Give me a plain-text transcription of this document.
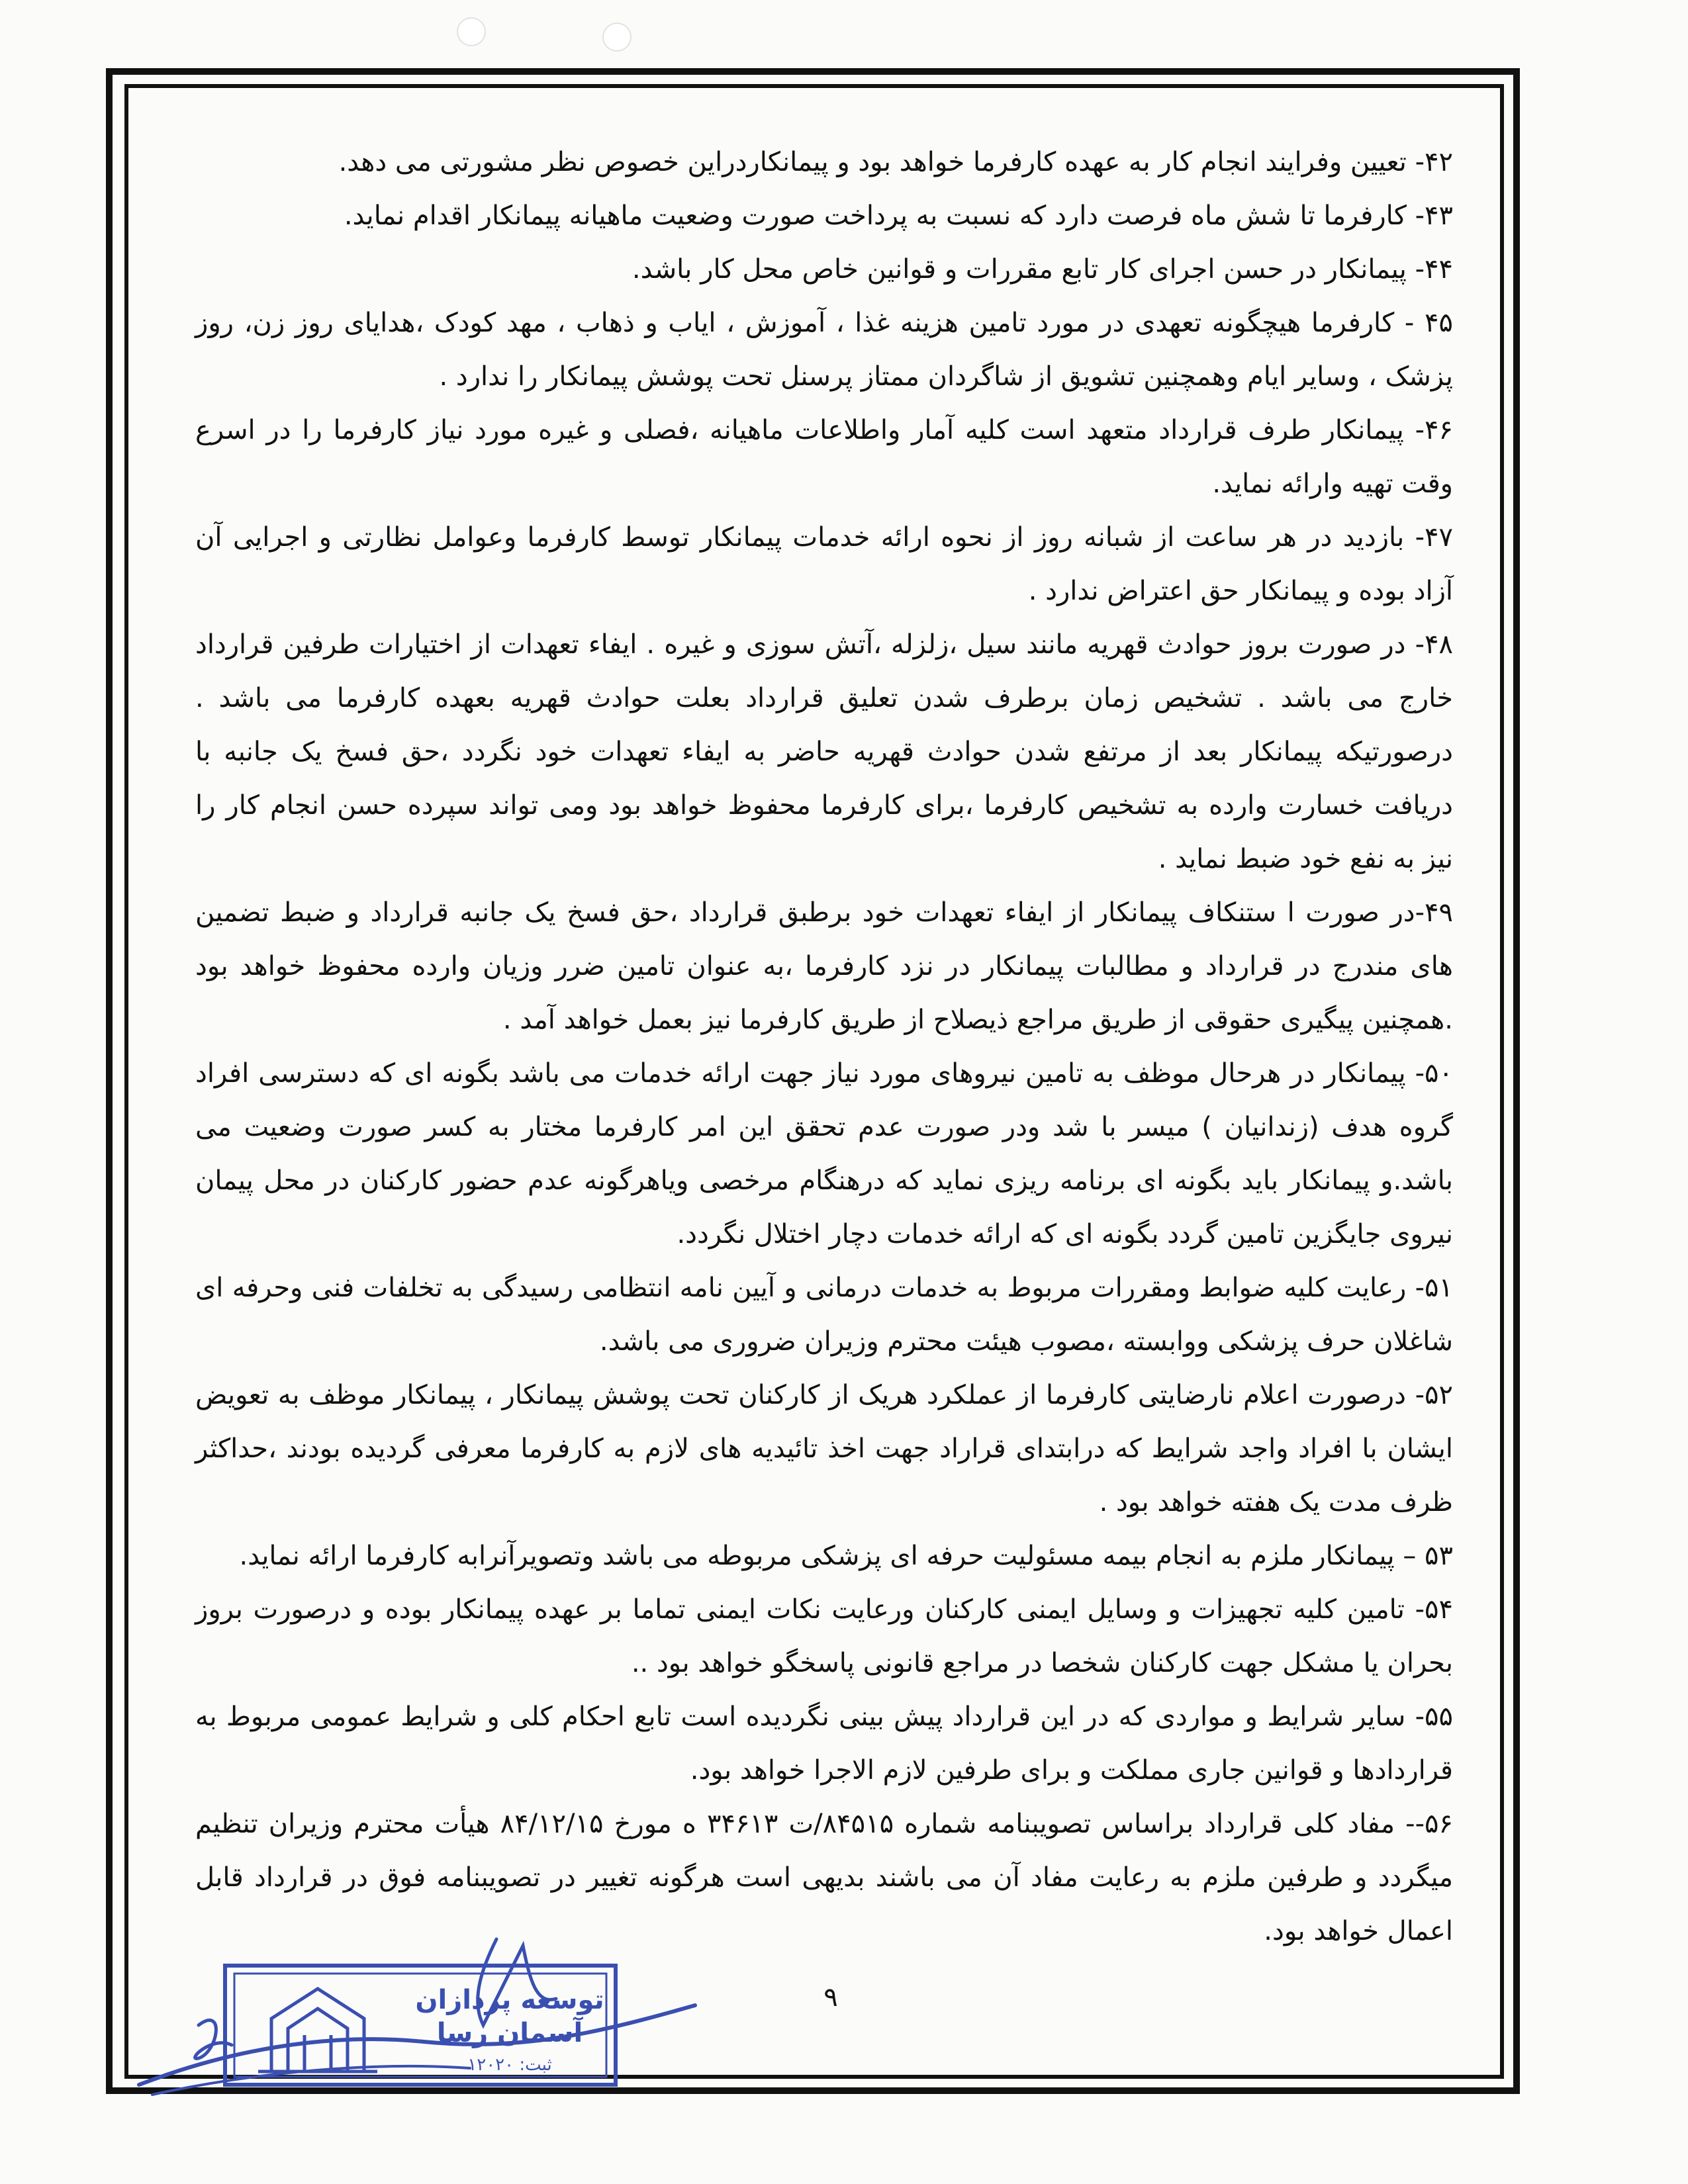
۴۲- تعیین وفرایند انجام کار به عهده کارفرما خواهد بود و پیمانکاردراین خصوص نظر مشورتی می دهد.

۴۳- کارفرما تا شش ماه فرصت دارد که نسبت به پرداخت صورت وضعیت ماهیانه پیمانکار اقدام نماید.

۴۴- پیمانکار در حسن اجرای کار تابع مقررات و قوانین خاص محل کار باشد.

۴۵ - کارفرما هیچگونه تعهدی در مورد تامین هزینه غذا ، آموزش ، ایاب و ذهاب ، مهد کودک ،هدایای روز زن، روز پزشک ، وسایر ایام وهمچنین تشویق از شاگردان ممتاز پرسنل تحت پوشش پیمانکار را ندارد .

۴۶- پیمانکار طرف قرارداد متعهد است کلیه آمار واطلاعات ماهیانه ،فصلی و غیره مورد نیاز کارفرما را در اسرع وقت تهیه وارائه نماید.

۴۷- بازدید در هر ساعت از شبانه روز از نحوه ارائه خدمات پیمانکار توسط کارفرما وعوامل نظارتی و اجرایی آن آزاد بوده و پیمانکار حق اعتراض ندارد .

۴۸- در صورت بروز حوادث قهریه مانند سیل ،زلزله ،آتش سوزی و غیره . ایفاء تعهدات از اختیارات طرفین قرارداد خارج می باشد . تشخیص زمان برطرف شدن تعلیق قرارداد بعلت حوادث قهریه بعهده کارفرما می باشد . درصورتیکه پیمانکار بعد از مرتفع شدن حوادث قهریه حاضر به ایفاء تعهدات خود نگردد ،حق فسخ یک جانبه با دریافت خسارت وارده به تشخیص کارفرما ،برای کارفرما محفوظ خواهد بود ومی تواند سپرده حسن انجام کار را نیز به نفع خود ضبط نماید .

۴۹-در صورت ا ستنکاف پیمانکار از ایفاء تعهدات خود برطبق قرارداد ،حق فسخ یک جانبه قرارداد و ضبط تضمین های مندرج در قرارداد و مطالبات پیمانکار در نزد کارفرما ،به عنوان تامین ضرر وزیان وارده محفوظ خواهد بود .همچنین پیگیری حقوقی از طریق مراجع ذیصلاح از طریق کارفرما نیز بعمل خواهد آمد .

۵۰- پیمانکار در هرحال موظف به تامین نیروهای مورد نیاز جهت ارائه خدمات می باشد بگونه ای که دسترسی افراد گروه هدف (زندانیان ) میسر با شد ودر صورت عدم تحقق این امر کارفرما مختار به کسر صورت وضعیت می باشد.و پیمانکار باید بگونه ای برنامه ریزی نماید که درهنگام مرخصی ویاهرگونه عدم حضور کارکنان در محل پیمان نیروی جایگزین تامین گردد بگونه ای که ارائه خدمات دچار اختلال نگردد.

۵۱- رعایت کلیه ضوابط ومقررات مربوط به خدمات درمانی و آیین نامه انتظامی رسیدگی به تخلفات فنی وحرفه ای شاغلان حرف پزشکی ووابسته ،مصوب هیئت محترم وزیران ضروری می باشد.

۵۲- درصورت اعلام نارضایتی کارفرما از عملکرد هریک از کارکنان تحت پوشش پیمانکار ، پیمانکار موظف به تعویض ایشان با افراد واجد شرایط که درابتدای قراراد جهت اخذ تائیدیه های لازم به کارفرما معرفی گردیده بودند ،حداکثر ظرف مدت یک هفته خواهد بود .

۵۳ – پیمانکار ملزم به انجام بیمه مسئولیت حرفه ای پزشکی مربوطه می باشد وتصویرآنرابه کارفرما ارائه نماید.

۵۴- تامین کلیه تجهیزات و وسایل ایمنی کارکنان ورعایت نکات ایمنی تماما بر عهده پیمانکار بوده و درصورت بروز بحران یا مشکل جهت کارکنان شخصا در مراجع قانونی پاسخگو خواهد بود ..

۵۵- سایر شرایط و مواردی که در این قرارداد پیش بینی نگردیده است تابع احکام کلی و شرایط عمومی مربوط به قراردادها و قوانین جاری مملکت و برای طرفین لازم الاجرا خواهد بود.

۵۶-- مفاد کلی قرارداد براساس تصویبنامه شماره ۸۴۵۱۵/ت ۳۴۶۱۳ ه مورخ ۸۴/۱۲/۱۵ هیأت محترم وزیران تنظیم میگردد و طرفین ملزم به رعایت مفاد آن می باشند بدیهی است هرگونه تغییر در تصویبنامه فوق در قرارداد قابل اعمال خواهد بود.

توسعه پردازان
آسمان رسا
ثبت: ۱۲۰۲۰
۹
